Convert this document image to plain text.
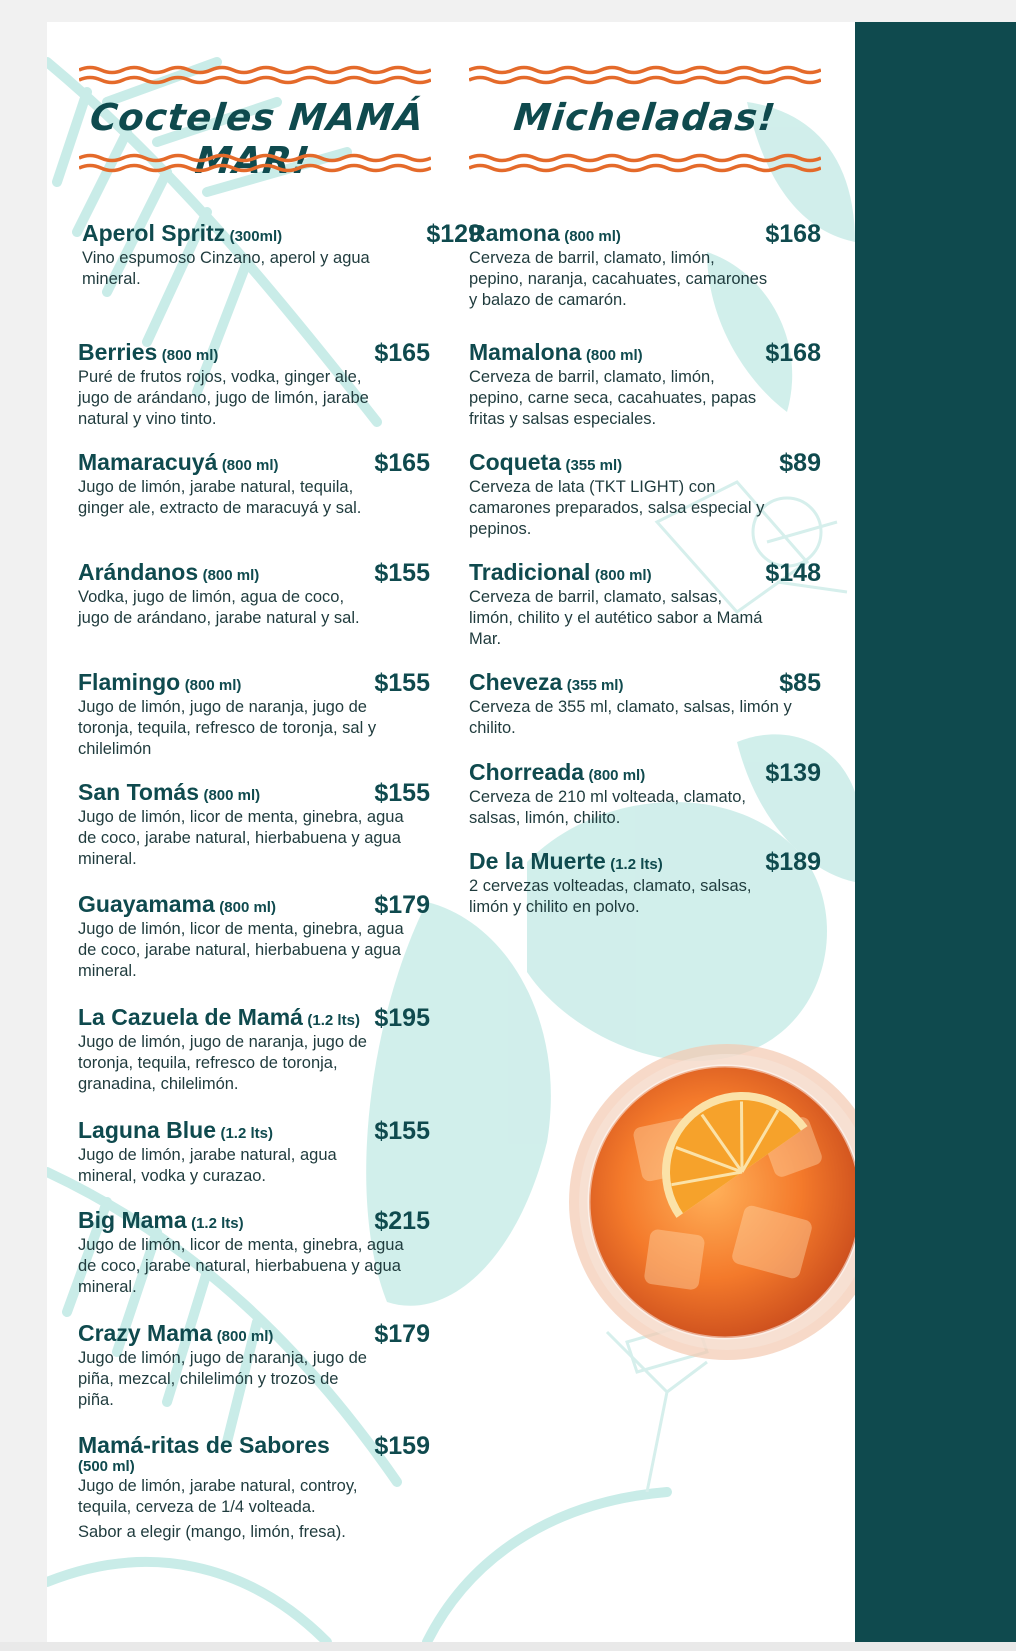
Cocteles MAMÁ MAR!
Micheladas!
Aperol Spritz (300ml)	$129
Vino espumoso Cinzano, aperol y agua mineral.
Berries (800 ml)	$165
Puré de frutos rojos, vodka, ginger ale, jugo de arándano, jugo de limón, jarabe natural y vino tinto.
Mamaracuyá (800 ml)	$165
Jugo de limón, jarabe natural, tequila, ginger ale, extracto de maracuyá y sal.
Arándanos (800 ml)	$155
Vodka, jugo de limón, agua de coco, jugo de arándano, jarabe natural y sal.
Flamingo (800 ml)	$155
Jugo de limón, jugo de naranja, jugo de toronja, tequila, refresco de toronja, sal y chilelimón
San Tomás (800 ml)	$155
Jugo de limón, licor de menta, ginebra, agua de coco, jarabe natural, hierbabuena y agua mineral.
Guayamama (800 ml)	$179
Jugo de limón, licor de menta, ginebra, agua de coco, jarabe natural, hierbabuena y agua mineral.
La Cazuela de Mamá (1.2 lts) $195
Jugo de limón, jugo de naranja, jugo de toronja, tequila, refresco de toronja, granadina, chilelimón.
Laguna Blue (1.2 lts)	$155
Jugo de limón, jarabe natural, agua mineral, vodka y curazao.
Big Mama (1.2 lts)	$215
Jugo de limón, licor de menta, ginebra, agua de coco, jarabe natural, hierbabuena y agua mineral.
Crazy Mama (800 ml)	$179
Jugo de limón, jugo de naranja, jugo de piña, mezcal, chilelimón y trozos de piña.
Mamá-ritas de Sabores $159
(500 ml)
Jugo de limón, jarabe natural, controy, tequila, cerveza de 1/4 volteada.
Sabor a elegir (mango, limón, fresa).
Ramona (800 ml)	$168
Cerveza de barril, clamato, limón, pepino, naranja, cacahuates, camarones y balazo de camarón.
Mamalona (800 ml)	$168
Cerveza de barril, clamato, limón, pepino, carne seca, cacahuates, papas fritas y salsas especiales.
Coqueta (355 ml)	$89
Cerveza de lata (TKT LIGHT) con camarones preparados, salsa especial y pepinos.
Tradicional (800 ml)	$148
Cerveza de barril, clamato, salsas, limón, chilito y el autético sabor a Mamá Mar.
Cheveza (355 ml)	$85
Cerveza de 355 ml, clamato, salsas, limón y chilito.
Chorreada (800 ml)	$139
Cerveza de 210 ml volteada, clamato, salsas, limón, chilito.
De la Muerte (1.2 lts)	$189
2 cervezas volteadas, clamato, salsas, limón y chilito en polvo.
